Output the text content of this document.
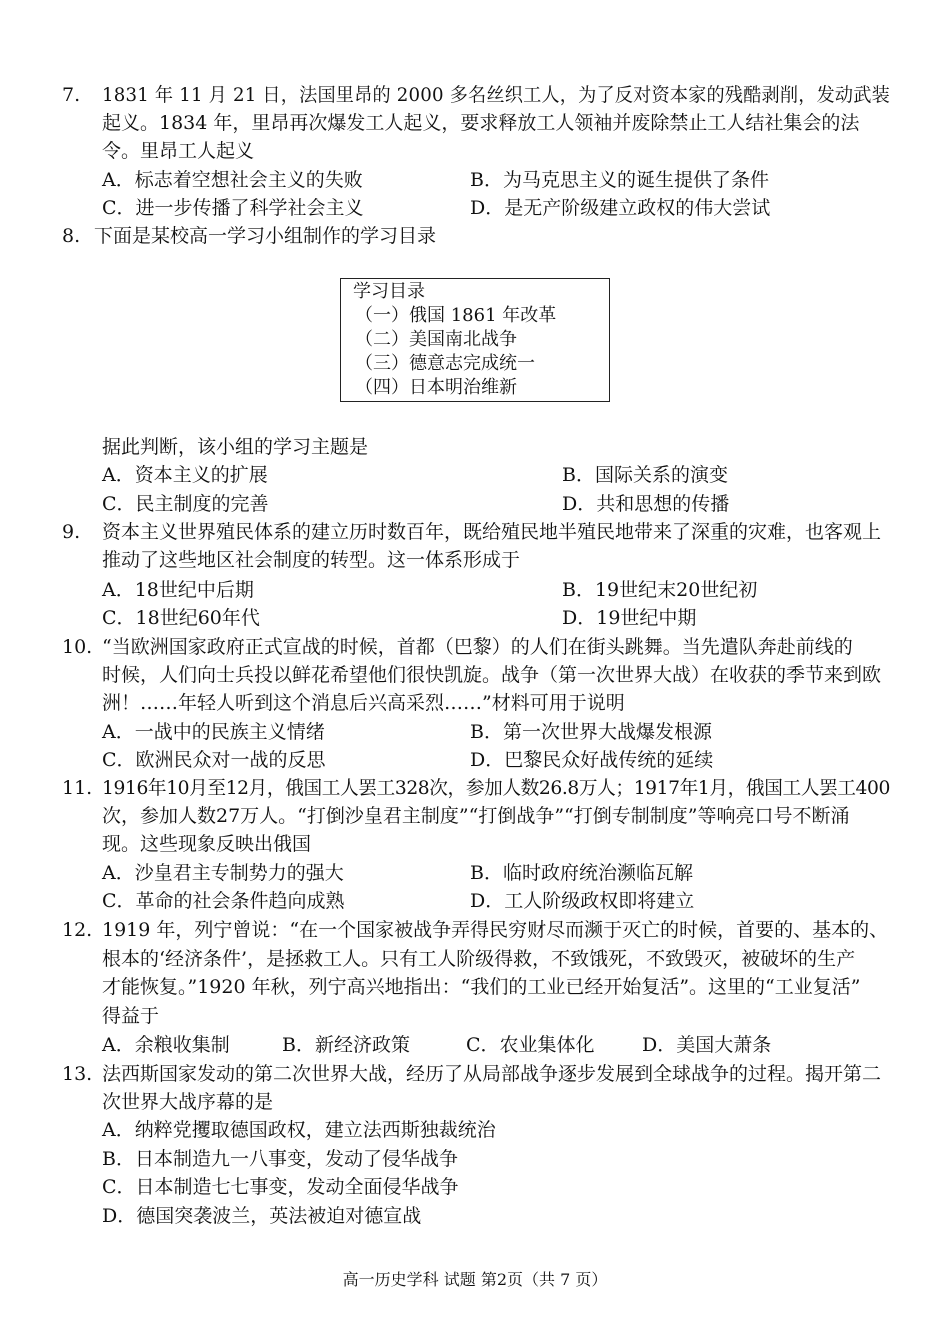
7. 1831 年 11 月 21 日，法国里昂的 2000 多名丝织工人，为了反对资本家的残酷剥削，发动武装
起义。1834 年，里昂再次爆发工人起义，要求释放工人领袖并废除禁止工人结社集会的法
令。里昂工人起义
A．标志着空想社会主义的失败	B．为马克思主义的诞生提供了条件
C．进一步传播了科学社会主义	D．是无产阶级建立政权的伟大尝试
8. 下面是某校高一学习小组制作的学习目录
学习目录
（一）俄国 1861 年改革
（二）美国南北战争
（三）德意志完成统一
（四）日本明治维新
据此判断，该小组的学习主题是
A．资本主义的扩展	B．国际关系的演变
C．民主制度的完善	D．共和思想的传播
9. 资本主义世界殖民体系的建立历时数百年，既给殖民地半殖民地带来了深重的灾难，也客观上
推动了这些地区社会制度的转型。这一体系形成于
A．18世纪中后期	B．19世纪末20世纪初
C．18世纪60年代	D．19世纪中期
10. “当欧洲国家政府正式宣战的时候，首都（巴黎）的人们在街头跳舞。当先遣队奔赴前线的
时候，人们向士兵投以鲜花希望他们很快凯旋。战争（第一次世界大战）在收获的季节来到欧
洲！……年轻人听到这个消息后兴高采烈……”材料可用于说明
A．一战中的民族主义情绪	B．第一次世界大战爆发根源
C．欧洲民众对一战的反思	D．巴黎民众好战传统的延续
11. 1916年10月至12月，俄国工人罢工328次，参加人数26.8万人；1917年1月，俄国工人罢工400
次，参加人数27万人。“打倒沙皇君主制度”“打倒战争”“打倒专制制度”等响亮口号不断涌
现。这些现象反映出俄国
A．沙皇君主专制势力的强大	B．临时政府统治濒临瓦解
C．革命的社会条件趋向成熟	D．工人阶级政权即将建立
12. 1919 年，列宁曾说：“在一个国家被战争弄得民穷财尽而濒于灭亡的时候，首要的、基本的、
根本的‘经济条件’，是拯救工人。只有工人阶级得救，不致饿死，不致毁灭，被破坏的生产
才能恢复。”1920 年秋，列宁高兴地指出：“我们的工业已经开始复活”。这里的“工业复活”
得益于
A．余粮收集制	B．新经济政策	C．农业集体化 D．美国大萧条
13. 法西斯国家发动的第二次世界大战，经历了从局部战争逐步发展到全球战争的过程。揭开第二
次世界大战序幕的是
A．纳粹党攫取德国政权，建立法西斯独裁统治
B．日本制造九一八事变，发动了侵华战争
C．日本制造七七事变，发动全面侵华战争
D．德国突袭波兰，英法被迫对德宣战
高一历史学科 试题 第2页（共 7 页）
